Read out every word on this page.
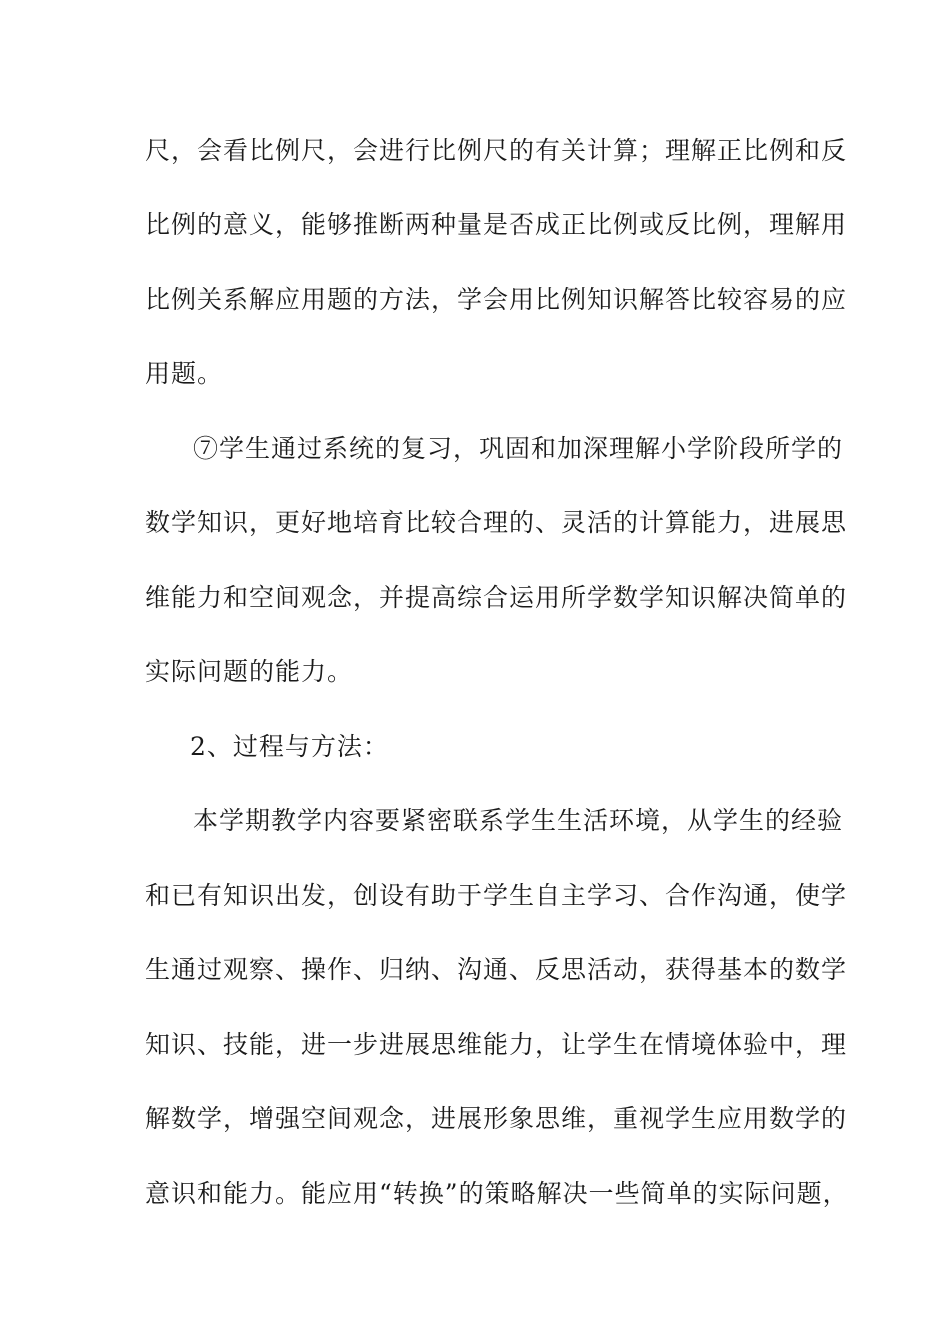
尺，会看比例尺，会进行比例尺的有关计算；理解正比例和反
比例的意义，能够推断两种量是否成正比例或反比例，理解用
比例关系解应用题的方法，学会用比例知识解答比较容易的应
用题。
⑦学生通过系统的复习，巩固和加深理解小学阶段所学的
数学知识，更好地培育比较合理的、灵活的计算能力，进展思
维能力和空间观念，并提高综合运用所学数学知识解决简单的
实际问题的能力。
2、过程与方法：
本学期教学内容要紧密联系学生生活环境，从学生的经验
和已有知识出发，创设有助于学生自主学习、合作沟通，使学
生通过观察、操作、归纳、沟通、反思活动，获得基本的数学
知识、技能，进一步进展思维能力，让学生在情境体验中，理
解数学，增强空间观念，进展形象思维，重视学生应用数学的
意识和能力。能应用“转换”的策略解决一些简单的实际问题，
